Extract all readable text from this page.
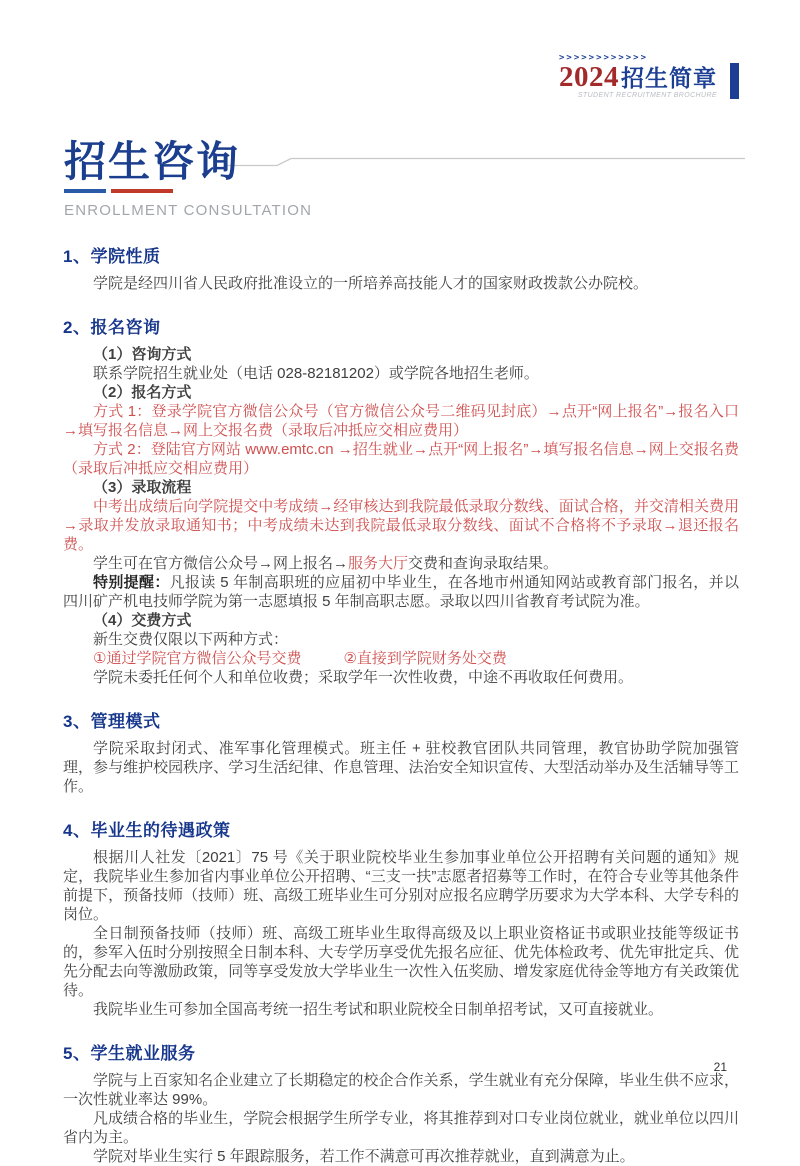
>>>>>>>>>>>>
2024 招生简章
STUDENT RECRUITMENT BROCHURE
招生咨询
ENROLLMENT CONSULTATION
1、学院性质

学院是经四川省人民政府批准设立的一所培养高技能人才的国家财政拨款公办院校。

2、报名咨询

（1）咨询方式

联系学院招生就业处（电话 028-82181202）或学院各地招生老师。

（2）报名方式

方式 1：登录学院官方微信公众号（官方微信公众号二维码见封底）→点开“网上报名”→报名入口→填写报名信息→网上交报名费（录取后冲抵应交相应费用）

方式 2：登陆官方网站 www.emtc.cn →招生就业→点开“网上报名”→填写报名信息→网上交报名费（录取后冲抵应交相应费用）

（3）录取流程

中考出成绩后向学院提交中考成绩→经审核达到我院最低录取分数线、面试合格，并交清相关费用→录取并发放录取通知书；中考成绩未达到我院最低录取分数线、面试不合格将不予录取→退还报名费。

学生可在官方微信公众号→网上报名→服务大厅交费和查询录取结果。

特别提醒：凡报读 5 年制高职班的应届初中毕业生，在各地市州通知网站或教育部门报名，并以四川矿产机电技师学院为第一志愿填报 5 年制高职志愿。录取以四川省教育考试院为准。

（4）交费方式

新生交费仅限以下两种方式：

①通过学院官方微信公众号交费	②直接到学院财务处交费

学院未委托任何个人和单位收费；采取学年一次性收费，中途不再收取任何费用。

3、管理模式

学院采取封闭式、准军事化管理模式。班主任 + 驻校教官团队共同管理，教官协助学院加强管理，参与维护校园秩序、学习生活纪律、作息管理、法治安全知识宣传、大型活动举办及生活辅导等工作。

4、毕业生的待遇政策

根据川人社发〔2021〕75 号《关于职业院校毕业生参加事业单位公开招聘有关问题的通知》规定，我院毕业生参加省内事业单位公开招聘、“三支一扶”志愿者招募等工作时，在符合专业等其他条件前提下，预备技师（技师）班、高级工班毕业生可分别对应报名应聘学历要求为大学本科、大学专科的岗位。

全日制预备技师（技师）班、高级工班毕业生取得高级及以上职业资格证书或职业技能等级证书的，参军入伍时分别按照全日制本科、大专学历享受优先报名应征、优先体检政考、优先审批定兵、优先分配去向等激励政策，同等享受发放大学毕业生一次性入伍奖励、增发家庭优待金等地方有关政策优待。

我院毕业生可参加全国高考统一招生考试和职业院校全日制单招考试，又可直接就业。

5、学生就业服务

学院与上百家知名企业建立了长期稳定的校企合作关系，学生就业有充分保障，毕业生供不应求，一次性就业率达 99%。

凡成绩合格的毕业生，学院会根据学生所学专业，将其推荐到对口专业岗位就业，就业单位以四川省内为主。

学院对毕业生实行 5 年跟踪服务，若工作不满意可再次推荐就业，直到满意为止。

21
